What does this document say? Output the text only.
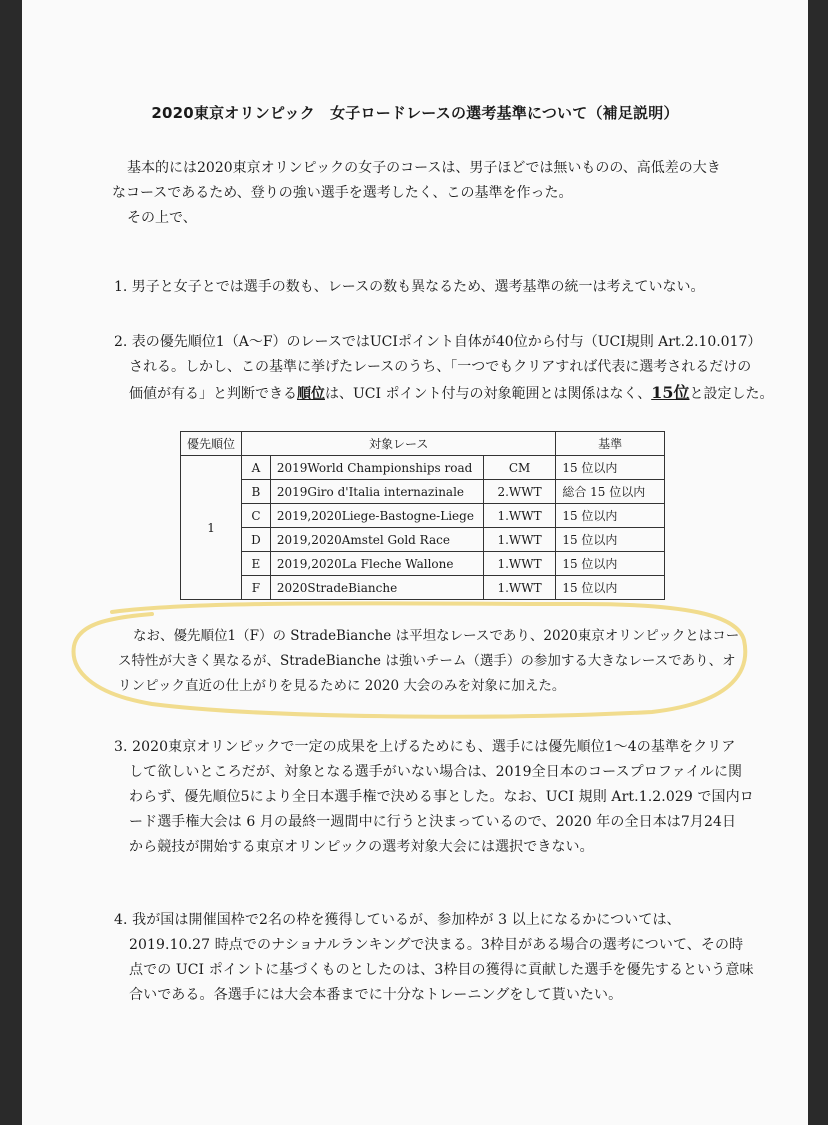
2020東京オリンピック　女子ロードレースの選考基準について（補足説明）
基本的には2020東京オリンピックの女子のコースは、男子ほどでは無いものの、高低差の大き
なコースであるため、登りの強い選手を選考したく、この基準を作った。
その上で、
1. 男子と女子とでは選手の数も、レースの数も異なるため、選考基準の統一は考えていない。
2. 表の優先順位1（A～F）のレースではUCIポイント自体が40位から付与（UCI規則 Art.2.10.017）
される。しかし、この基準に挙げたレースのうち、「一つでもクリアすれば代表に選考されるだけの
価値が有る」と判断できる順位は、UCI ポイント付与の対象範囲とは関係はなく、15位と設定した。
優先順位	対象レース			基準
1	A	2019World Championships road	CM	15 位以内
	B	2019Giro d'Italia internazinale	2.WWT	総合 15 位以内
	C	2019,2020Liege-Bastogne-Liege	1.WWT	15 位以内
	D	2019,2020Amstel Gold Race	1.WWT	15 位以内
	E	2019,2020La Fleche Wallone	1.WWT	15 位以内
	F	2020StradeBianche	1.WWT	15 位以内
なお、優先順位1（F）の StradeBianche は平坦なレースであり、2020東京オリンピックとはコー
ス特性が大きく異なるが、StradeBianche は強いチーム（選手）の参加する大きなレースであり、オ
リンピック直近の仕上がりを見るために 2020 大会のみを対象に加えた。
3. 2020東京オリンピックで一定の成果を上げるためにも、選手には優先順位1～4の基準をクリア
して欲しいところだが、対象となる選手がいない場合は、2019全日本のコースプロファイルに関
わらず、優先順位5により全日本選手権で決める事とした。なお、UCI 規則 Art.1.2.029 で国内ロ
ード選手権大会は 6 月の最終一週間中に行うと決まっているので、2020 年の全日本は7月24日
から競技が開始する東京オリンピックの選考対象大会には選択できない。
4. 我が国は開催国枠で2名の枠を獲得しているが、参加枠が 3 以上になるかについては、
2019.10.27 時点でのナショナルランキングで決まる。3枠目がある場合の選考について、その時
点での UCI ポイントに基づくものとしたのは、3枠目の獲得に貢献した選手を優先するという意味
合いである。各選手には大会本番までに十分なトレーニングをして貰いたい。
